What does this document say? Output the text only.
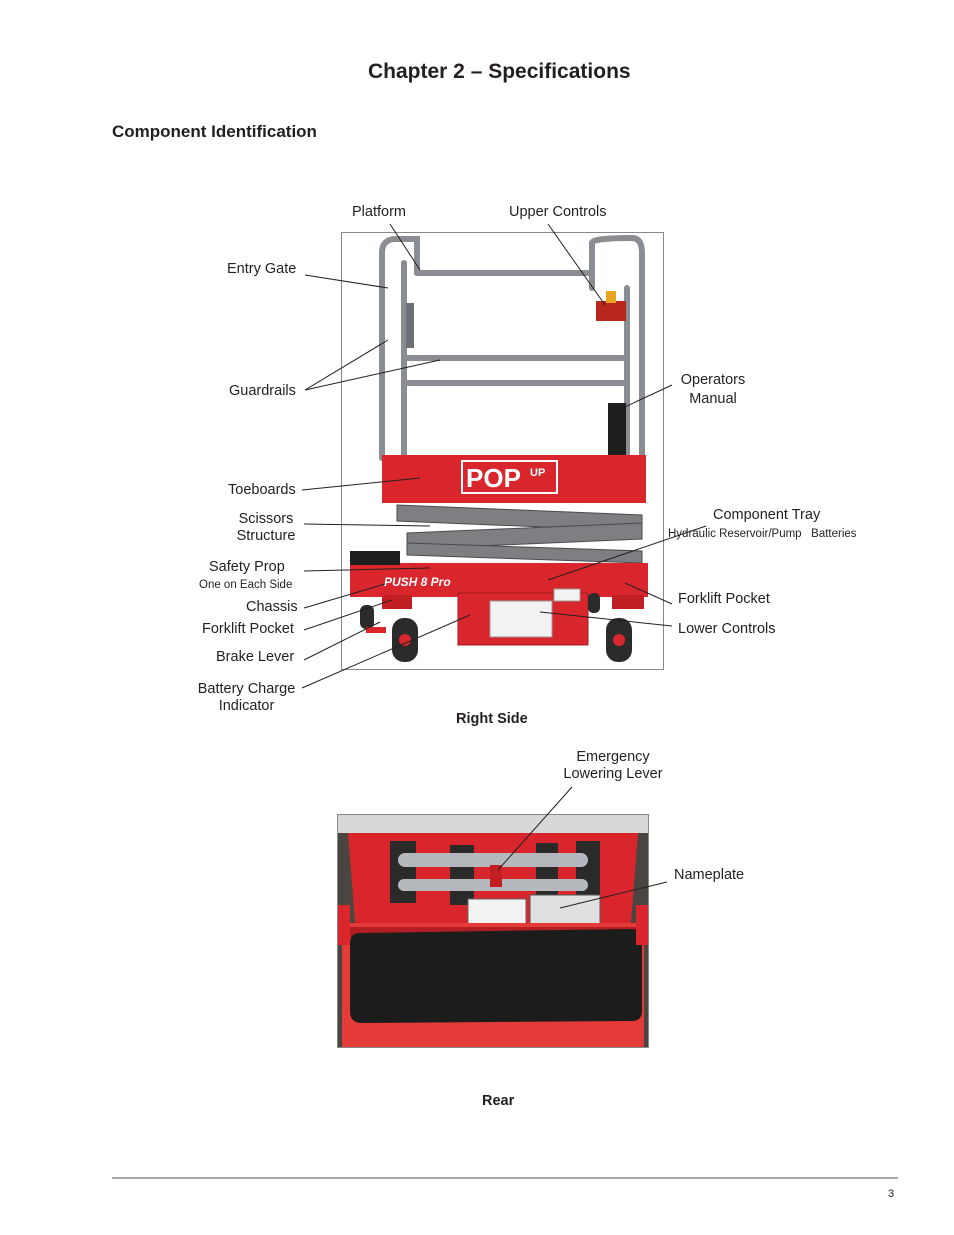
Chapter 2 – Specifications
Component Identification
POP UP
PUSH 8 Pro
Platform	Upper Controls
Entry Gate
Guardrails
Operators
Manual
Toeboards
Scissors
Structure
Component Tray
Hydraulic Reservoir/Pump   Batteries
Safety Prop
One on Each Side
Chassis
Forklift Pocket
Forklift Pocket
Lower Controls
Brake Lever
Battery Charge
Indicator
Right Side
Emergency
Lowering Lever
Nameplate
Rear
3
